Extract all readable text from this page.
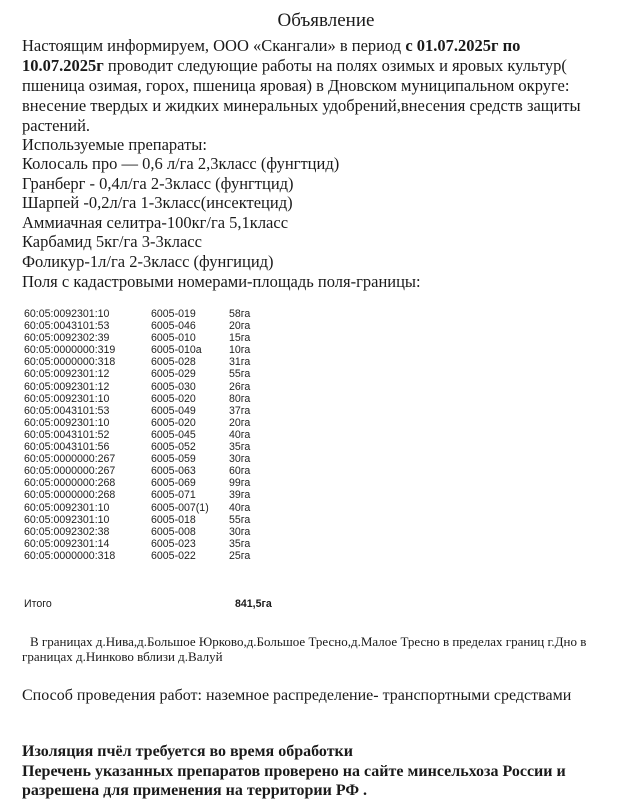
Объявление
Настоящим информируем, ООО «Скангали» в период с 01.07.2025г по 10.07.2025г проводит следующие работы на полях озимых и яровых культур( пшеница озимая, горох, пшеница яровая) в Дновском муниципальном округе: внесение твердых и жидких минеральных удобрений,внесения средств защиты растений.
Используемые препараты:
Колосаль про — 0,6 л/га 2,3класс (фунгтцид)
Гранберг - 0,4л/га 2-3класс (фунгтцид)
Шарпей -0,2л/га 1-3класс(инсектецид)
Аммиачная селитра-100кг/га 5,1класс
Карбамид 5кг/га 3-3класс
Фоликур-1л/га 2-3класс (фунгицид)
Поля с кадастровыми номерами-площадь поля-границы:
60:05:0092301:10	6005-019	58га
60:05:0043101:53	6005-046	20га
60:05:0092302:39	6005-010	15га
60:05:0000000:319	6005-010а	10га
60:05:0000000:318	6005-028	31га
60:05:0092301:12	6005-029	55га
60:05:0092301:12	6005-030	26га
60:05:0092301:10	6005-020	80га
60:05:0043101:53	6005-049	37га
60:05:0092301:10	6005-020	20га
60:05:0043101:52	6005-045	40га
60:05:0043101:56	6005-052	35га
60:05:0000000:267	6005-059	30га
60:05:0000000:267	6005-063	60га
60:05:0000000:268	6005-069	99га
60:05:0000000:268	6005-071	39га
60:05:0092301:10	6005-007(1) 40га
60:05:0092301:10	6005-018	55га
60:05:0092302:38	6005-008	30га
60:05:0092301:14	6005-023	35га
60:05:0000000:318	6005-022	25га
Итого	841,5га
В границах д.Нива,д.Большое Юрково,д.Большое Тресно,д.Малое Тресно в пределах границ г.Дно в границах д.Нинково вблизи д.Валуй
Способ проведения работ: наземное распределение- транспортными средствами
Изоляция пчёл требуется во время обработки
Перечень указанных препаратов проверено на сайте минсельхоза России и разрешена для применения на территории РФ .
